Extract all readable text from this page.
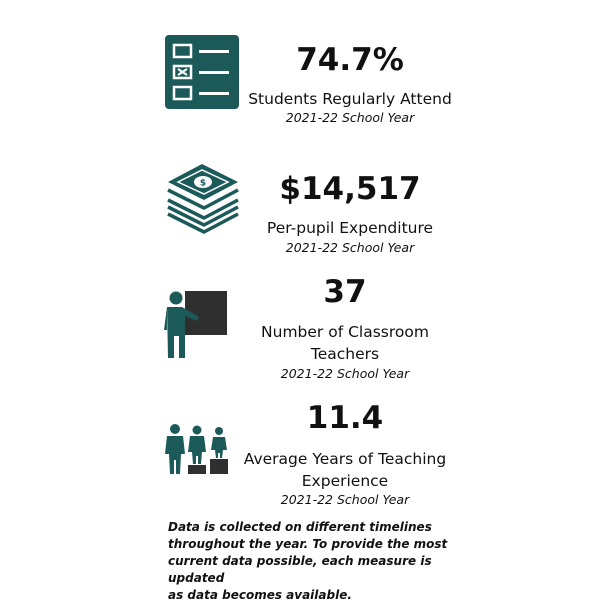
74.7%
Students Regularly Attend
2021-22 School Year
$	$14,517
Per-pupil Expenditure
2021-22 School Year
37
Number of Classroom
Teachers
2021-22 School Year
11.4
Average Years of Teaching
Experience
2021-22 School Year
Data is collected on different timelines
throughout the year. To provide the most
current data possible, each measure is updated
as data becomes available.
